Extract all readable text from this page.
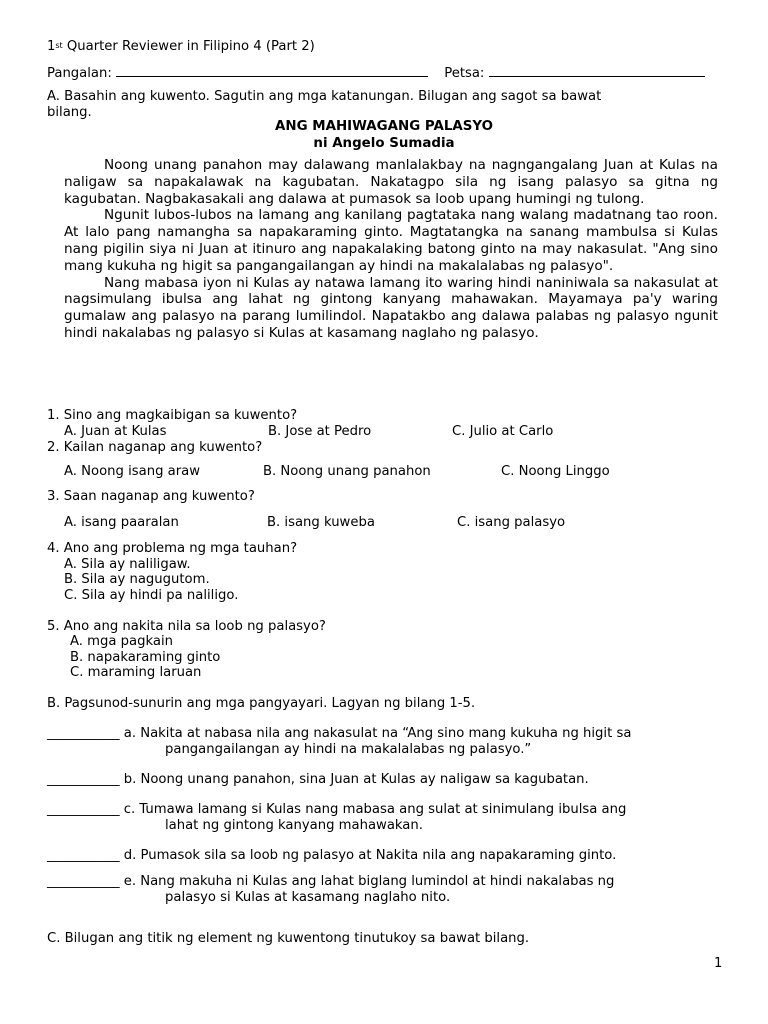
1st Quarter Reviewer in Filipino 4 (Part 2)
Pangalan:	Petsa:
A. Basahin ang kuwento. Sagutin ang mga katanungan. Bilugan ang sagot sa bawat
bilang.
ANG MAHIWAGANG PALASYO
ni Angelo Sumadia

Noong unang panahon may dalawang manlalakbay na nagngangalang Juan at Kulas na naligaw sa napakalawak na kagubatan. Nakatagpo sila ng isang palasyo sa gitna ng kagubatan. Nagbakasakali ang dalawa at pumasok sa loob upang humingi ng tulong.

Ngunit lubos-lubos na lamang ang kanilang pagtataka nang walang madatnang tao roon. At lalo pang namangha sa napakaraming ginto. Magtatangka na sanang mambulsa si Kulas nang pigilin siya ni Juan at itinuro ang napakalaking batong ginto na may nakasulat. "Ang sino mang kukuha ng higit sa pangangailangan ay hindi na makalalabas ng palasyo".

Nang mabasa iyon ni Kulas ay natawa lamang ito waring hindi naniniwala sa nakasulat at nagsimulang ibulsa ang lahat ng gintong kanyang mahawakan. Mayamaya pa'y waring gumalaw ang palasyo na parang lumilindol. Napatakbo ang dalawa palabas ng palasyo ngunit hindi nakalabas ng palasyo si Kulas at kasamang naglaho ng palasyo.

1. Sino ang magkaibigan sa kuwento?
A. Juan at Kulas	B. Jose at Pedro	C. Julio at Carlo
2. Kailan naganap ang kuwento?
A. Noong isang araw	B. Noong unang panahon	C. Noong Linggo
3. Saan naganap ang kuwento?
A. isang paaralan	B. isang kuweba	C. isang palasyo
4. Ano ang problema ng mga tauhan?
A. Sila ay naliligaw.
B. Sila ay nagugutom.
C. Sila ay hindi pa naliligo.
5. Ano ang nakita nila sa loob ng palasyo?
A. mga pagkain
B. napakaraming ginto
C. maraming laruan
B. Pagsunod-sunurin ang mga pangyayari. Lagyan ng bilang 1-5.
___________ a. Nakita at nabasa nila ang nakasulat na “Ang sino mang kukuha ng higit sa
pangangailangan ay hindi na makalalabas ng palasyo.”
___________ b. Noong unang panahon, sina Juan at Kulas ay naligaw sa kagubatan.
___________ c. Tumawa lamang si Kulas nang mabasa ang sulat at sinimulang ibulsa ang
lahat ng gintong kanyang mahawakan.
___________ d. Pumasok sila sa loob ng palasyo at Nakita nila ang napakaraming ginto.
___________ e. Nang makuha ni Kulas ang lahat biglang lumindol at hindi nakalabas ng
palasyo si Kulas at kasamang naglaho nito.
C. Bilugan ang titik ng element ng kuwentong tinutukoy sa bawat bilang.
1
